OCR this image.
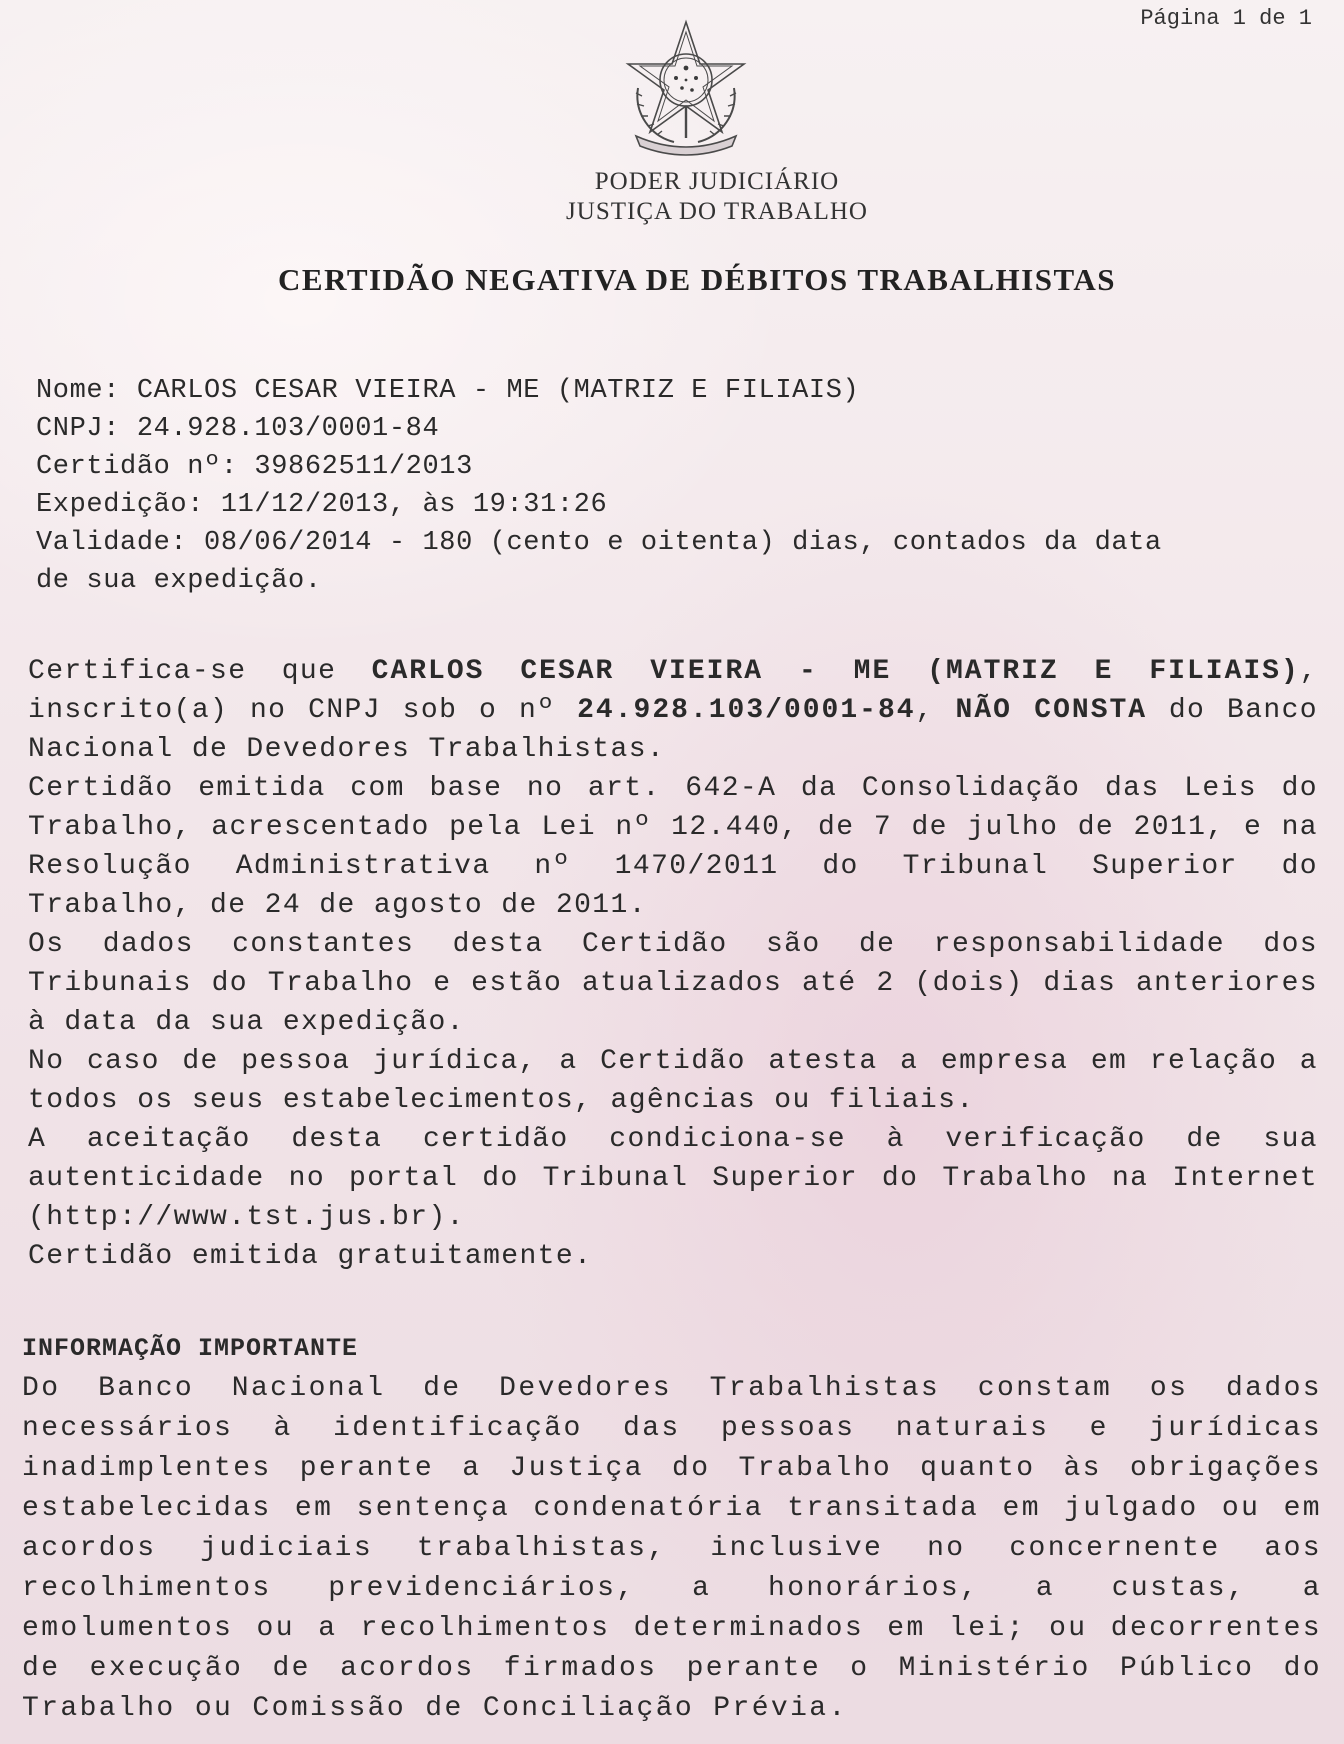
Página 1 de 1
PODER JUDICIÁRIO
JUSTIÇA DO TRABALHO
CERTIDÃO NEGATIVA DE DÉBITOS TRABALHISTAS
Nome: CARLOS CESAR VIEIRA - ME (MATRIZ E FILIAIS)
CNPJ: 24.928.103/0001-84
Certidão nº: 39862511/2013
Expedição: 11/12/2013, às 19:31:26
Validade: 08/06/2014 - 180 (cento e oitenta) dias, contados da data
de sua expedição.

Certifica-se que CARLOS CESAR VIEIRA - ME (MATRIZ E FILIAIS), inscrito(a) no CNPJ sob o nº 24.928.103/0001-84, NÃO CONSTA do Banco Nacional de Devedores Trabalhistas.

Certidão emitida com base no art. 642-A da Consolidação das Leis do Trabalho, acrescentado pela Lei nº 12.440, de 7 de julho de 2011, e na Resolução Administrativa nº 1470/2011 do Tribunal Superior do Trabalho, de 24 de agosto de 2011.

Os dados constantes desta Certidão são de responsabilidade dos Tribunais do Trabalho e estão atualizados até 2 (dois) dias anteriores à data da sua expedição.

No caso de pessoa jurídica, a Certidão atesta a empresa em relação a todos os seus estabelecimentos, agências ou filiais.

A aceitação desta certidão condiciona-se à verificação de sua autenticidade no portal do Tribunal Superior do Trabalho na Internet (http://www.tst.jus.br).

Certidão emitida gratuitamente.

INFORMAÇÃO IMPORTANTE

Do Banco Nacional de Devedores Trabalhistas constam os dados necessários à identificação das pessoas naturais e jurídicas inadimplentes perante a Justiça do Trabalho quanto às obrigações estabelecidas em sentença condenatória transitada em julgado ou em acordos judiciais trabalhistas, inclusive no concernente aos recolhimentos previdenciários, a honorários, a custas, a emolumentos ou a recolhimentos determinados em lei; ou decorrentes de execução de acordos firmados perante o Ministério Público do Trabalho ou Comissão de Conciliação Prévia.
